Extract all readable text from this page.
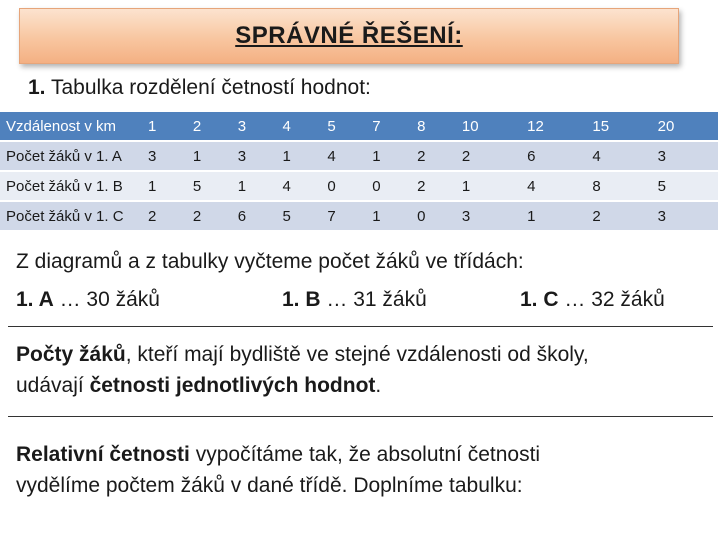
SPRÁVNÉ ŘEŠENÍ:
1. Tabulka rozdělení četností hodnot:
Vzdálenost v km	1	2	3	4	5	7	8	10	12	15	20
Počet žáků v 1. A	3	1	3	1	4	1	2	2	6	4	3
Počet žáků v 1. B	1	5	1	4	0	0	2	1	4	8	5
Počet žáků v 1. C	2	2	6	5	7	1	0	3	1	2	3
Z diagramů a z tabulky vyčteme počet žáků ve třídách:
1. A … 30 žáků	1. B … 31 žáků	1. C … 32 žáků
Počty žáků, kteří mají bydliště ve stejné vzdálenosti od školy,
udávají četnosti jednotlivých hodnot.
Relativní četnosti vypočítáme tak, že absolutní četnosti
vydělíme počtem žáků v dané třídě. Doplníme tabulku:
